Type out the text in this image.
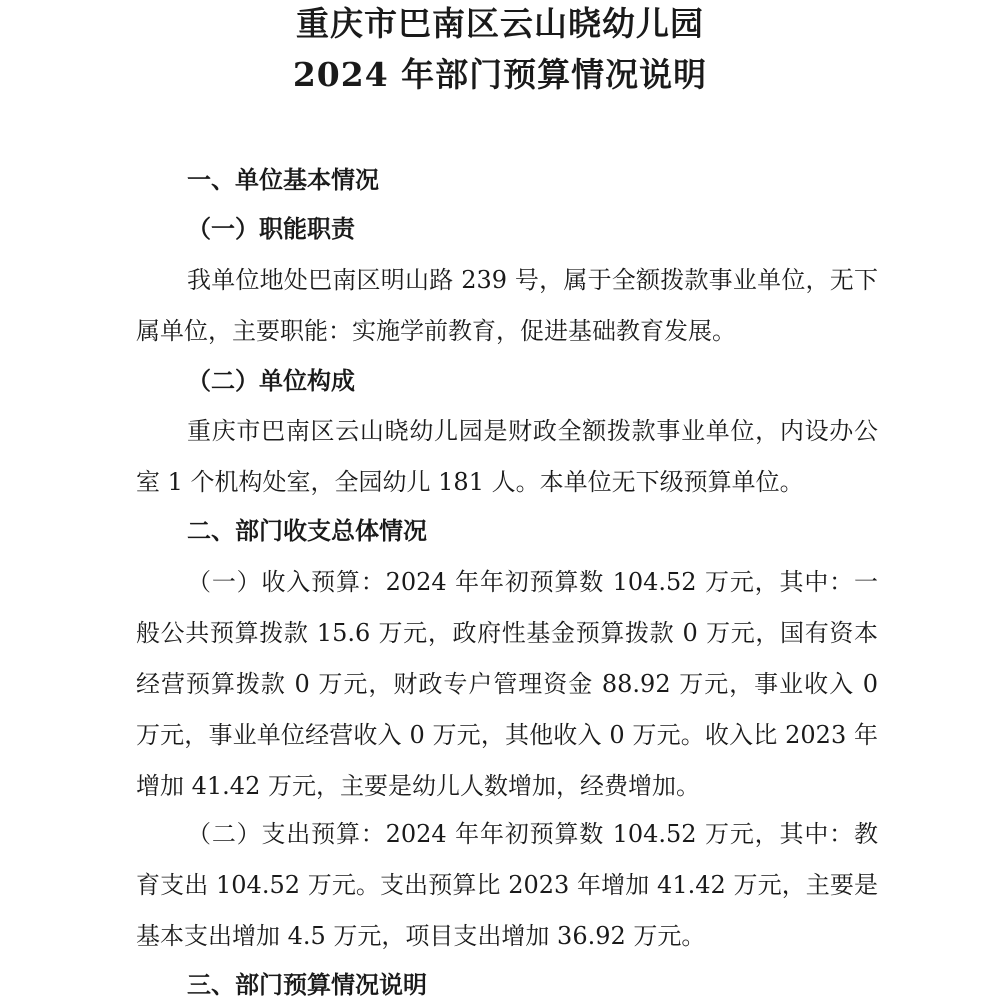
重庆市巴南区云山晓幼儿园
2024 年部门预算情况说明
一、单位基本情况
（一）职能职责

我单位地处巴南区明山路 239 号，属于全额拨款事业单位，无下属单位，主要职能：实施学前教育，促进基础教育发展。

（二）单位构成

重庆市巴南区云山晓幼儿园是财政全额拨款事业单位，内设办公室 1 个机构处室，全园幼儿 181 人。本单位无下级预算单位。

二、部门收支总体情况

（一）收入预算：2024 年年初预算数 104.52 万元，其中：一般公共预算拨款 15.6 万元，政府性基金预算拨款 0 万元，国有资本经营预算拨款 0 万元，财政专户管理资金 88.92 万元，事业收入 0 万元，事业单位经营收入 0 万元，其他收入 0 万元。收入比 2023 年增加 41.42 万元，主要是幼儿人数增加，经费增加。

（二）支出预算：2024 年年初预算数 104.52 万元，其中：教育支出 104.52 万元。支出预算比 2023 年增加 41.42 万元，主要是基本支出增加 4.5 万元，项目支出增加 36.92 万元。

三、部门预算情况说明
